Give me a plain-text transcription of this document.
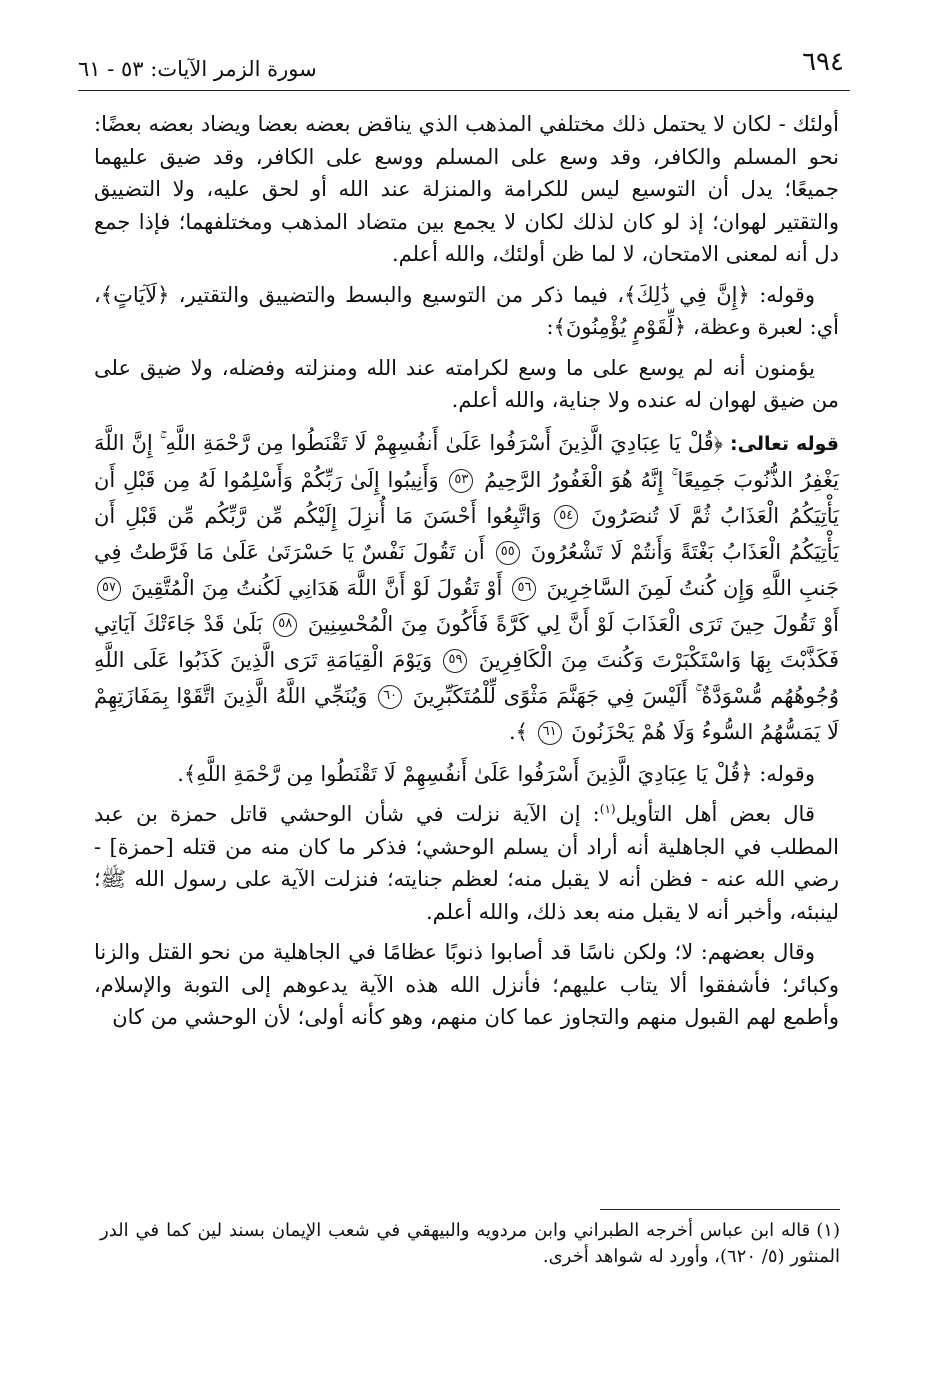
٦٩٤
سورة الزمر الآيات: ٥٣ - ٦١

أولئك - لكان لا يحتمل ذلك مختلفي المذهب الذي يناقض بعضه بعضا ويضاد بعضه بعضًا: نحو المسلم والكافر، وقد وسع على المسلم ووسع على الكافر، وقد ضيق عليهما جميعًا؛ يدل أن التوسيع ليس للكرامة والمنزلة عند الله أو لحق عليه، ولا التضييق والتقتير لهوان؛ إذ لو كان لذلك لكان لا يجمع بين متضاد المذهب ومختلفهما؛ فإذا جمع دل أنه لمعنى الامتحان، لا لما ظن أولئك، والله أعلم.

وقوله: ﴿إِنَّ فِي ذَٰلِكَ﴾، فيما ذكر من التوسيع والبسط والتضييق والتقتير، ﴿لَآيَاتٍ﴾، أي: لعبرة وعظة، ﴿لِّقَوْمٍ يُؤْمِنُونَ﴾:

يؤمنون أنه لم يوسع على ما وسع لكرامته عند الله ومنزلته وفضله، ولا ضيق على من ضيق لهوان له عنده ولا جناية، والله أعلم.

قوله تعالى: ﴿قُلْ يَا عِبَادِيَ الَّذِينَ أَسْرَفُوا عَلَىٰ أَنفُسِهِمْ لَا تَقْنَطُوا مِن رَّحْمَةِ اللَّهِ ۚ إِنَّ اللَّهَ يَغْفِرُ الذُّنُوبَ جَمِيعًا ۚ إِنَّهُ هُوَ الْغَفُورُ الرَّحِيمُ ٥٣ وَأَنِيبُوا إِلَىٰ رَبِّكُمْ وَأَسْلِمُوا لَهُ مِن قَبْلِ أَن يَأْتِيَكُمُ الْعَذَابُ ثُمَّ لَا تُنصَرُونَ ٥٤ وَاتَّبِعُوا أَحْسَنَ مَا أُنزِلَ إِلَيْكُم مِّن رَّبِّكُم مِّن قَبْلِ أَن يَأْتِيَكُمُ الْعَذَابُ بَغْتَةً وَأَنتُمْ لَا تَشْعُرُونَ ٥٥ أَن تَقُولَ نَفْسٌ يَا حَسْرَتَىٰ عَلَىٰ مَا فَرَّطتُ فِي جَنبِ اللَّهِ وَإِن كُنتُ لَمِنَ السَّاخِرِينَ ٥٦ أَوْ تَقُولَ لَوْ أَنَّ اللَّهَ هَدَانِي لَكُنتُ مِنَ الْمُتَّقِينَ ٥٧ أَوْ تَقُولَ حِينَ تَرَى الْعَذَابَ لَوْ أَنَّ لِي كَرَّةً فَأَكُونَ مِنَ الْمُحْسِنِينَ ٥٨ بَلَىٰ قَدْ جَاءَتْكَ آيَاتِي فَكَذَّبْتَ بِهَا وَاسْتَكْبَرْتَ وَكُنتَ مِنَ الْكَافِرِينَ ٥٩ وَيَوْمَ الْقِيَامَةِ تَرَى الَّذِينَ كَذَبُوا عَلَى اللَّهِ وُجُوهُهُم مُّسْوَدَّةٌ ۚ أَلَيْسَ فِي جَهَنَّمَ مَثْوًى لِّلْمُتَكَبِّرِينَ ٦٠ وَيُنَجِّي اللَّهُ الَّذِينَ اتَّقَوْا بِمَفَازَتِهِمْ لَا يَمَسُّهُمُ السُّوءُ وَلَا هُمْ يَحْزَنُونَ ٦١ ﴾.

وقوله: ﴿قُلْ يَا عِبَادِيَ الَّذِينَ أَسْرَفُوا عَلَىٰ أَنفُسِهِمْ لَا تَقْنَطُوا مِن رَّحْمَةِ اللَّهِ﴾.

قال بعض أهل التأويل$^{(١)}$: إن الآية نزلت في شأن الوحشي قاتل حمزة بن عبد المطلب في الجاهلية أنه أراد أن يسلم الوحشي؛ فذكر ما كان منه من قتله [حمزة] - رضي الله عنه - فظن أنه لا يقبل منه؛ لعظم جنايته؛ فنزلت الآية على رسول الله ﷺ؛ لينبئه، وأخبر أنه لا يقبل منه بعد ذلك، والله أعلم.

وقال بعضهم: لا؛ ولكن ناسًا قد أصابوا ذنوبًا عظامًا في الجاهلية من نحو القتل والزنا وكبائر؛ فأشفقوا ألا يتاب عليهم؛ فأنزل الله هذه الآية يدعوهم إلى التوبة والإسلام، وأطمع لهم القبول منهم والتجاوز عما كان منهم، وهو كأنه أولى؛ لأن الوحشي من كان

(١)قاله ابن عباس أخرجه الطبراني وابن مردويه والبيهقي في شعب الإيمان بسند لين كما في الدر المنثور (٥/ ٦٢٠)، وأورد له شواهد أخرى.
